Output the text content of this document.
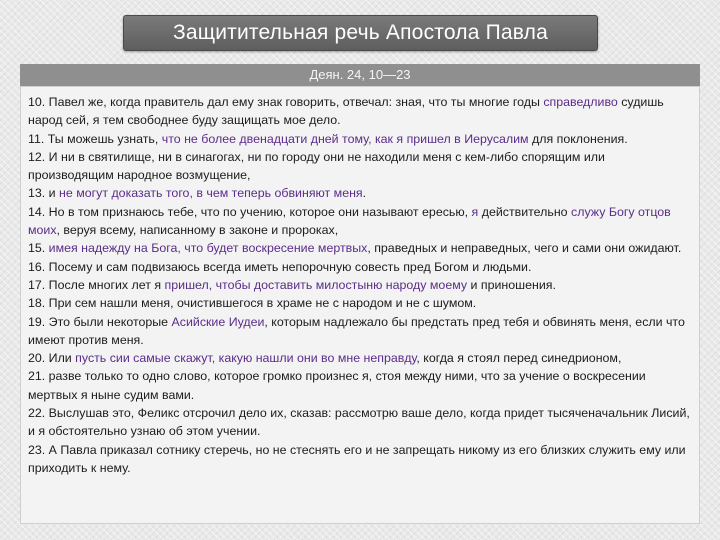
Защитительная речь Апостола Павла
Деян. 24, 10—23

10. Павел же, когда правитель дал ему знак говорить, отвечал: зная, что ты многие годы справедливо судишь народ сей, я тем свободнее буду защищать мое дело.

11. Ты можешь узнать, что не более двенадцати дней тому, как я пришел в Иерусалим для поклонения.

12. И ни в святилище, ни в синагогах, ни по городу они не находили меня с кем-либо спорящим или производящим народное возмущение,

13. и не могут доказать того, в чем теперь обвиняют меня.

14. Но в том признаюсь тебе, что по учению, которое они называют ересью, я действительно служу Богу отцов моих, веруя всему, написанному в законе и пророках,

15. имея надежду на Бога, что будет воскресение мертвых, праведных и неправедных, чего и сами они ожидают.

16. Посему и сам подвизаюсь всегда иметь непорочную совесть пред Богом и людьми.

17. После многих лет я пришел, чтобы доставить милостыню народу моему и приношения.

18. При сем нашли меня, очистившегося в храме не с народом и не с шумом.

19. Это были некоторые Асийские Иудеи, которым надлежало бы предстать пред тебя и обвинять меня, если что имеют против меня.

20. Или пусть сии самые скажут, какую нашли они во мне неправду, когда я стоял перед синедрионом,

21. разве только то одно слово, которое громко произнес я, стоя между ними, что за учение о воскресении мертвых я ныне судим вами.

22. Выслушав это, Феликс отсрочил дело их, сказав: рассмотрю ваше дело, когда придет тысяченачальник Лисий, и я обстоятельно узнаю об этом учении.

23. А Павла приказал сотнику стеречь, но не стеснять его и не запрещать никому из его близких служить ему или приходить к нему.
